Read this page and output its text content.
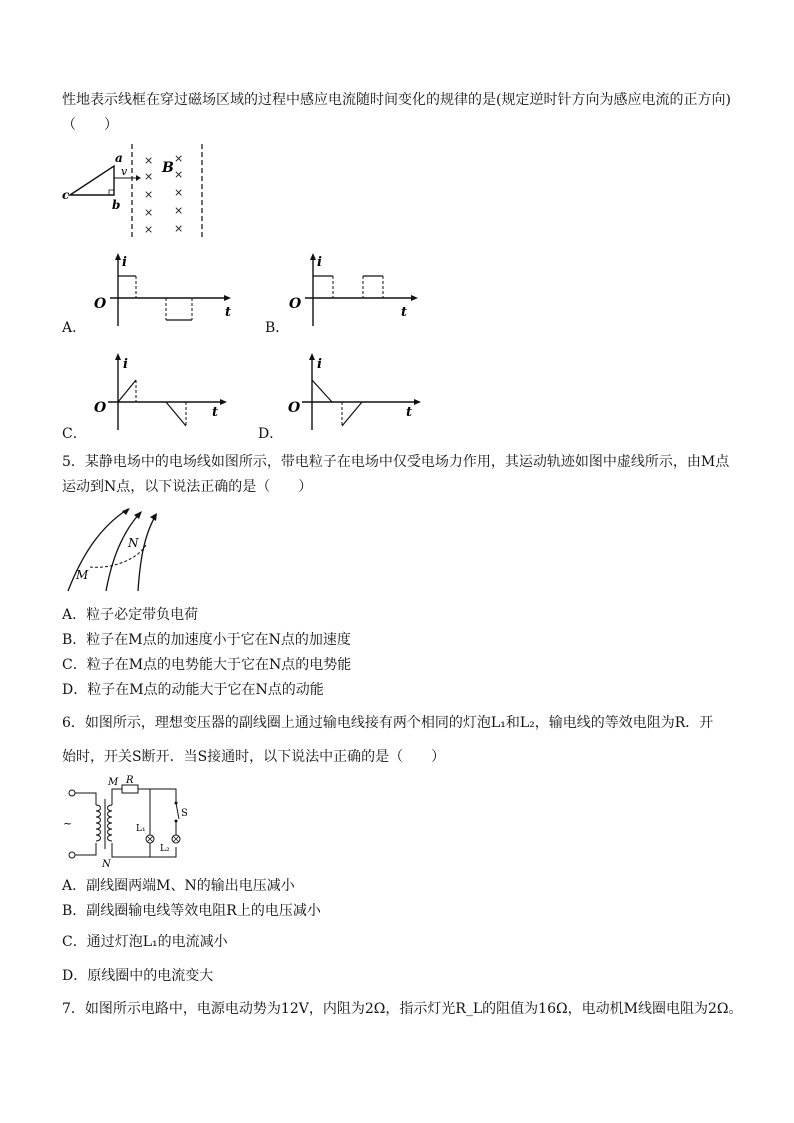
性地表示线框在穿过磁场区域的过程中感应电流随时间变化的规律的是(规定逆时针方向为感应电流的正方向)
（　　）
× ×
× ×
× ×
× ×
× ×
a
b
c
v B
i
O
t
A．
i
O
t
B．
i
O	t
C．
i
O	t
D．
5．某静电场中的电场线如图所示，带电粒子在电场中仅受电场力作用，其运动轨迹如图中虚线所示，由M点
运动到N点，以下说法正确的是（　　）
M
N
A．粒子必定带负电荷
B．粒子在M点的加速度小于它在N点的加速度
C．粒子在M点的电势能大于它在N点的电势能
D．粒子在M点的动能大于它在N点的动能
6．如图所示，理想变压器的副线圈上通过输电线接有两个相同的灯泡L₁和L₂，输电线的等效电阻为R．开
始时，开关S断开．当S接通时，以下说法中正确的是（　　）
~
M
N
R
S
L₁
L₂
A．副线圈两端M、N的输出电压减小
B．副线圈输电线等效电阻R上的电压减小
C．通过灯泡L₁的电流减小
D．原线圈中的电流变大
7．如图所示电路中，电源电动势为12V，内阻为2Ω，指示灯光R_L的阻值为16Ω，电动机M线圈电阻为2Ω。
